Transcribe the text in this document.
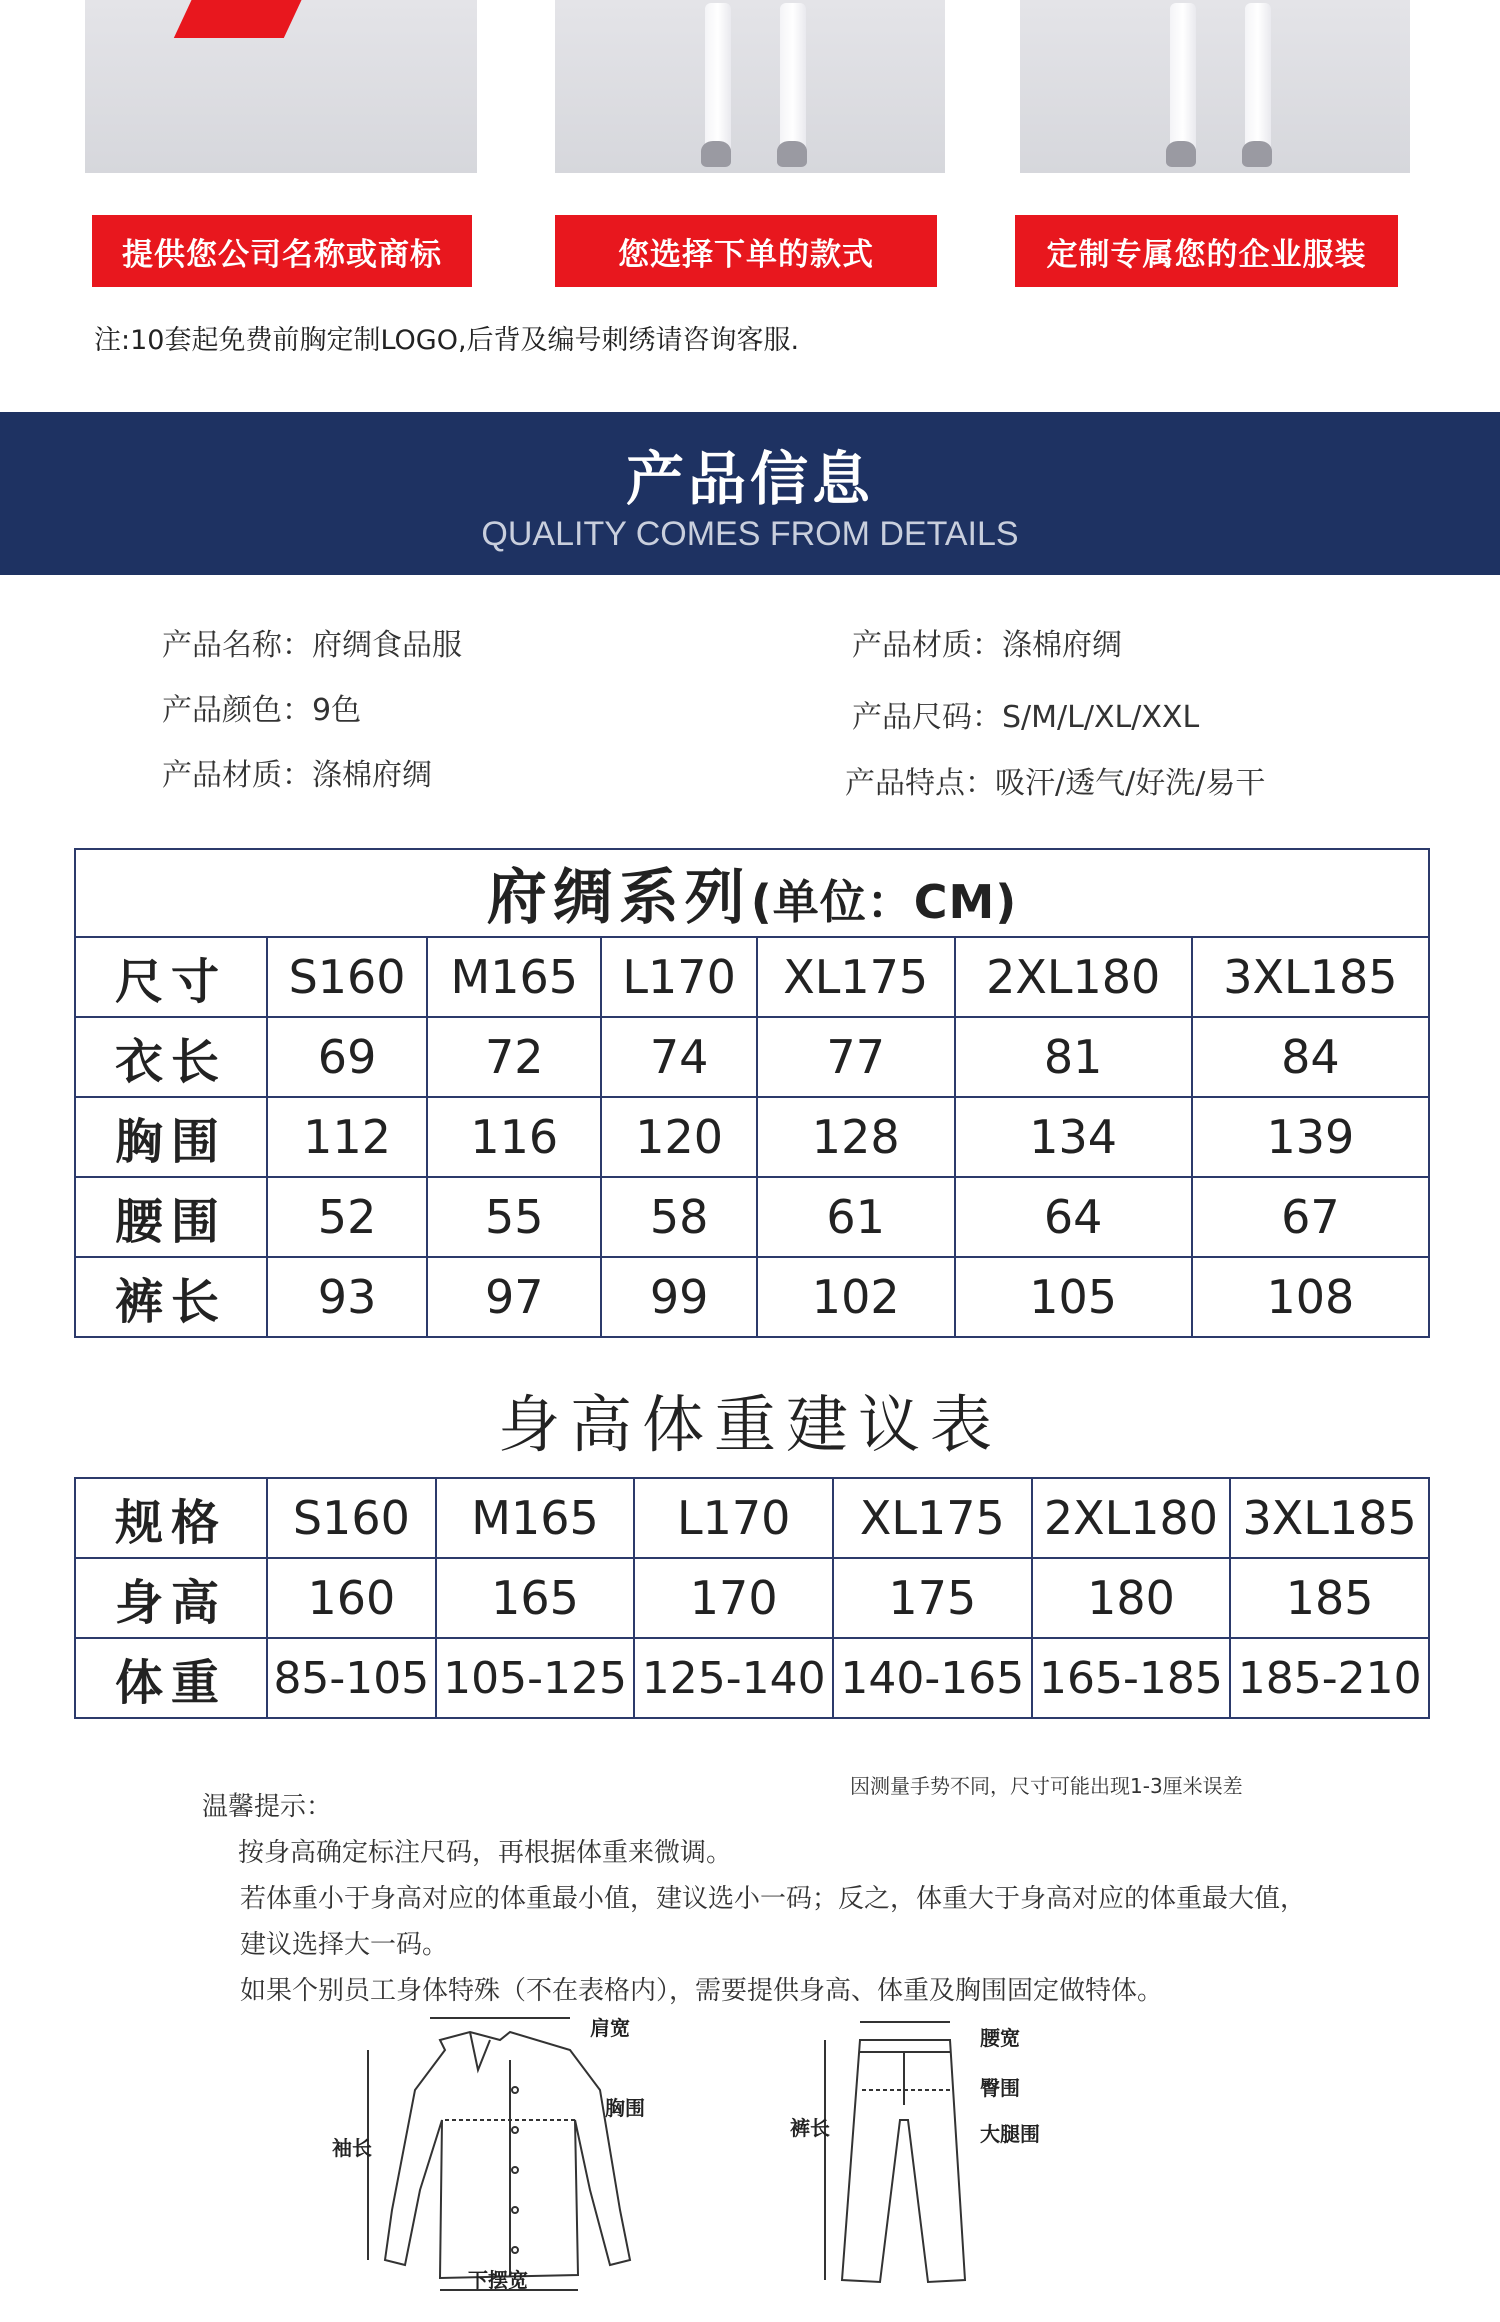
提供您公司名称或商标	您选择下单的款式	定制专属您的企业服装
注:10套起免费前胸定制LOGO,后背及编号刺绣请咨询客服.
产品信息
QUALITY COMES FROM DETAILS
产品名称：府绸食品服
产品颜色：9色
产品材质：涤棉府绸
产品材质：涤棉府绸
产品尺码：S/M/L/XL/XXL
产品特点：吸汗/透气/好洗/易干
府绸系列(单位：CM)						
尺寸	S160	M165	L170	XL175	2XL180	3XL185
衣长	69	72	74	77	81	84
胸围	112	116	120	128	134	139
腰围	52	55	58	61	64	67
裤长	93	97	99	102	105	108
身高体重建议表
规格	S160	M165	L170	XL175	2XL180	3XL185
身高	160	165	170	175	180	185
体重	85-105	105-125	125-140	140-165	165-185	185-210
温馨提示：
因测量手势不同，尺寸可能出现1-3厘米误差
按身高确定标注尺码，再根据体重来微调。
若体重小于身高对应的体重最小值，建议选小一码；反之，体重大于身高对应的体重最大值，
建议选择大一码。
如果个别员工身体特殊（不在表格内），需要提供身高、体重及胸围固定做特体。
肩宽
胸围
袖长
下摆宽
腰宽
臀围
大腿围
裤长
